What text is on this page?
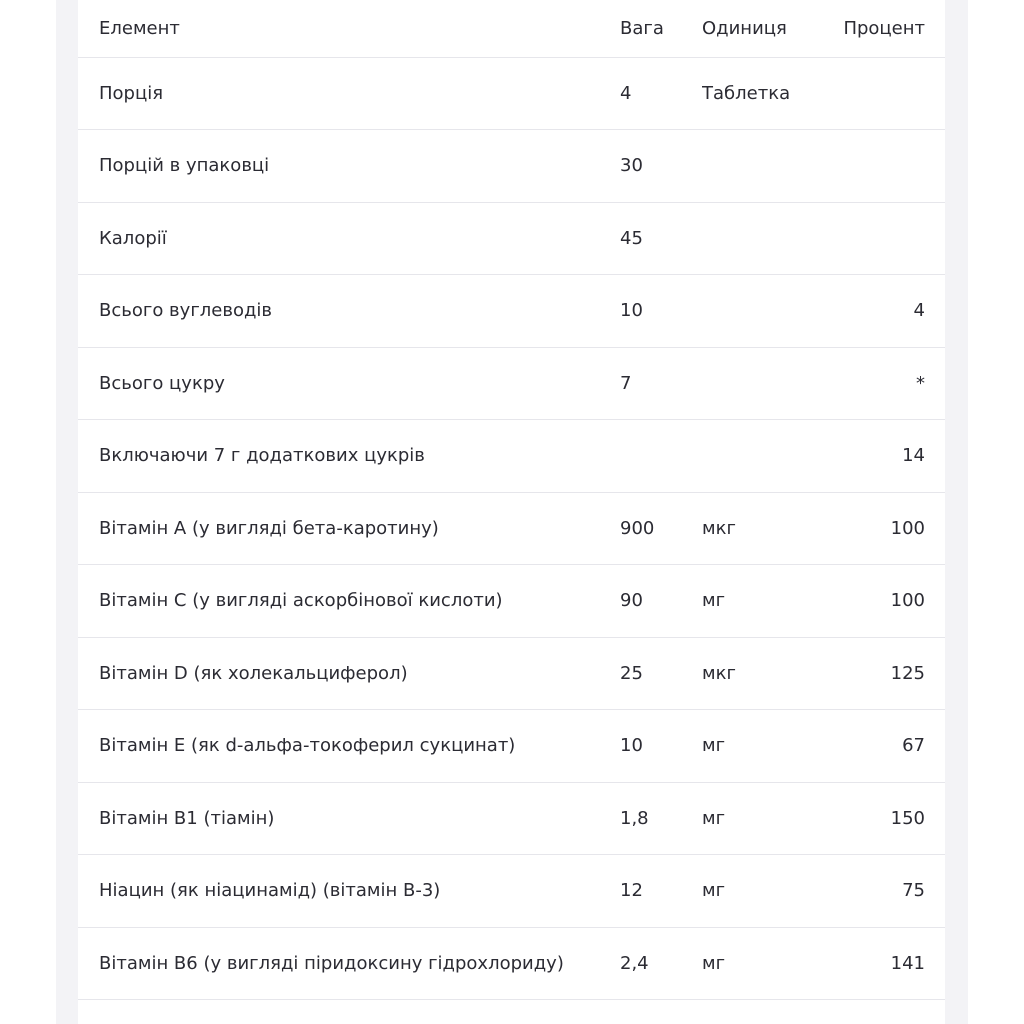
Елемент	Вага	Одиниця	Процент
Порція	4	Таблетка	
Порцій в упаковці	30		
Калорії	45		
Всього вуглеводів	10		4
Всього цукру	7		*
Включаючи 7 г додаткових цукрів			14
Вітамін A (у вигляді бета-каротину)	900	мкг	100
Вітамін C (у вигляді аскорбінової кислоти)	90	мг	100
Вітамін D (як холекальциферол)	25	мкг	125
Вітамін E (як d-альфа-токоферил сукцинат)	10	мг	67
Вітамін B1 (тіамін)	1,8	мг	150
Ніацин (як ніацинамід) (вітамін B-3)	12	мг	75
Вітамін B6 (у вигляді піридоксину гідрохлориду)	2,4	мг	141
